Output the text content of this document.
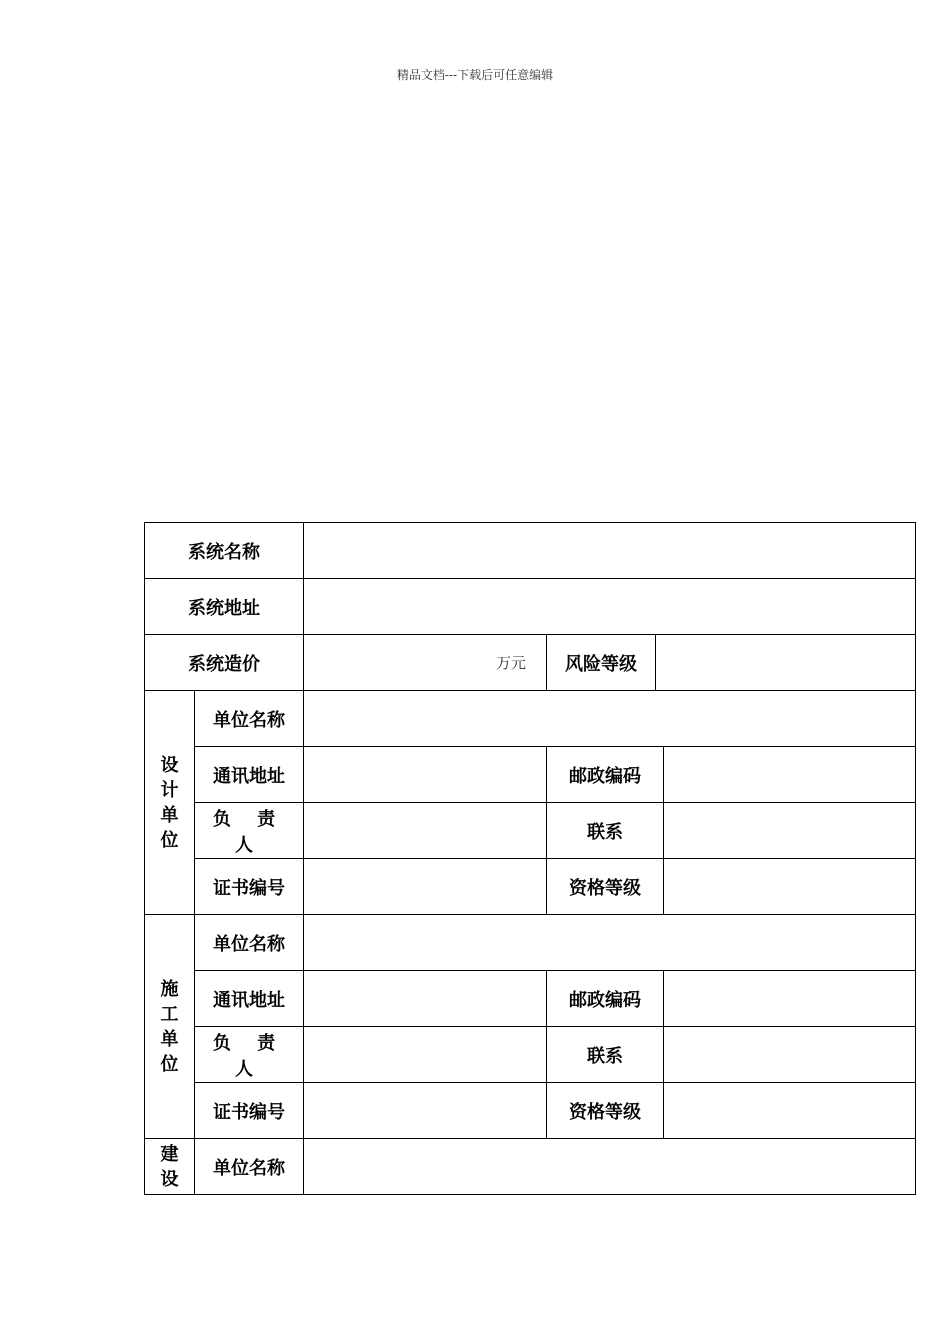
精品文档---下载后可任意编辑
系统名称					
系统地址					
系统造价		万元	风险等级		
设计单位	单位名称				
	通讯地址		邮政编码		
	负 责 人		联系		
	证书编号		资格等级		
施工单位	单位名称				
	通讯地址		邮政编码		
	负 责 人		联系		
	证书编号		资格等级		
建设	单位名称				
